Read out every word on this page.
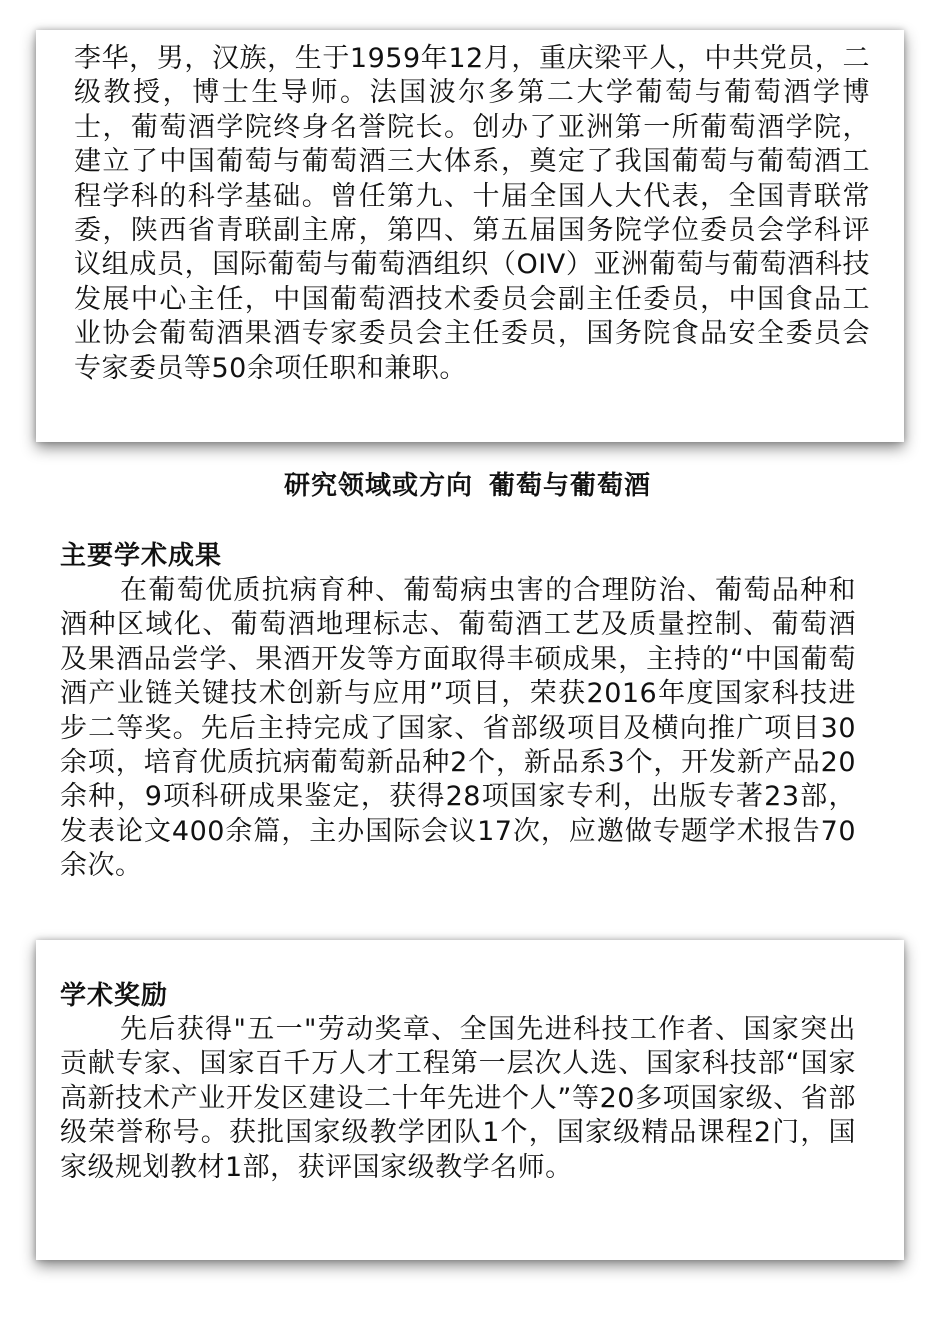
李华，男，汉族，生于1959年12月，重庆梁平人，中共党员，二级教授，博士生导师。法国波尔多第二大学葡萄与葡萄酒学博士，葡萄酒学院终身名誉院长。创办了亚洲第一所葡萄酒学院，建立了中国葡萄与葡萄酒三大体系，奠定了我国葡萄与葡萄酒工程学科的科学基础。曾任第九、十届全国人大代表，全国青联常委，陕西省青联副主席，第四、第五届国务院学位委员会学科评议组成员，国际葡萄与葡萄酒组织（OIV）亚洲葡萄与葡萄酒科技发展中心主任，中国葡萄酒技术委员会副主任委员，中国食品工业协会葡萄酒果酒专家委员会主任委员，国务院食品安全委员会专家委员等50余项任职和兼职。

研究领域或方向 葡萄与葡萄酒
主要学术成果

在葡萄优质抗病育种、葡萄病虫害的合理防治、葡萄品种和酒种区域化、葡萄酒地理标志、葡萄酒工艺及质量控制、葡萄酒及果酒品尝学、果酒开发等方面取得丰硕成果，主持的“中国葡萄酒产业链关键技术创新与应用”项目，荣获2016年度国家科技进步二等奖。先后主持完成了国家、省部级项目及横向推广项目30余项，培育优质抗病葡萄新品种2个，新品系3个，开发新产品20余种，9项科研成果鉴定，获得28项国家专利，出版专著23部，发表论文400余篇，主办国际会议17次，应邀做专题学术报告70余次。

学术奖励

先后获得"五一"劳动奖章、全国先进科技工作者、国家突出贡献专家、国家百千万人才工程第一层次人选、国家科技部“国家高新技术产业开发区建设二十年先进个人”等20多项国家级、省部级荣誉称号。获批国家级教学团队1个，国家级精品课程2门，国家级规划教材1部，获评国家级教学名师。
